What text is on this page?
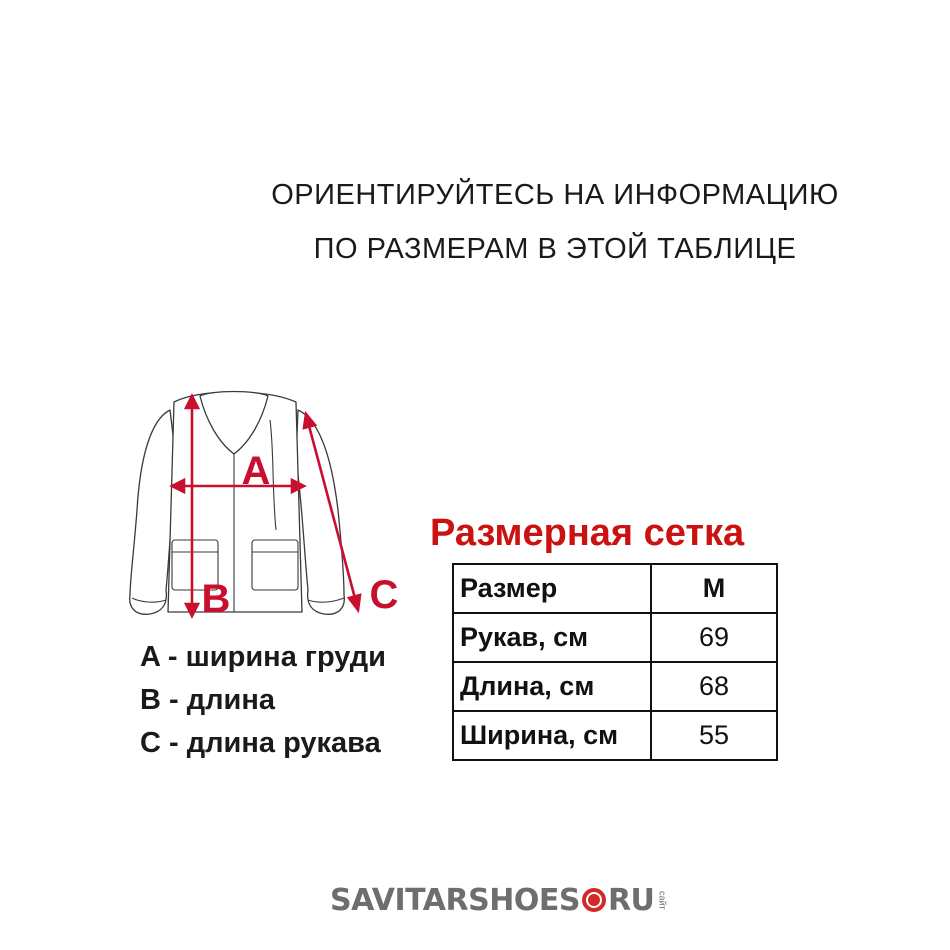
ОРИЕНТИРУЙТЕСЬ НА ИНФОРМАЦИЮ
ПО РАЗМЕРАМ В ЭТОЙ ТАБЛИЦЕ
A
B	C
A - ширина груди
B - длина
C - длина рукава
Размерная сетка
Размер	M
Рукав, см	69
Длина, см	68
Ширина, см	55
SAVITARSHOES RU сайт
